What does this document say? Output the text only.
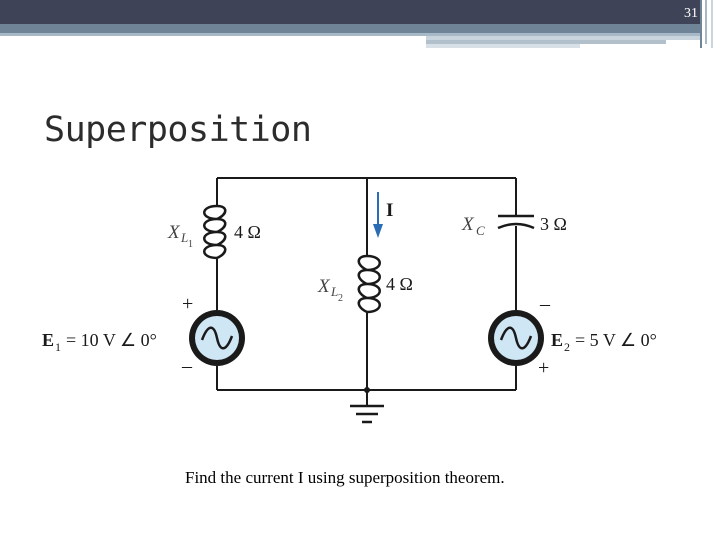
31
Superposition
I
X L 1
4 Ω
X L 2
4 Ω
X C	3 Ω
+
–
E 1 = 10 V ∠ 0°
–
+
E 2 = 5 V ∠ 0°
Find the current I using superposition theorem.
